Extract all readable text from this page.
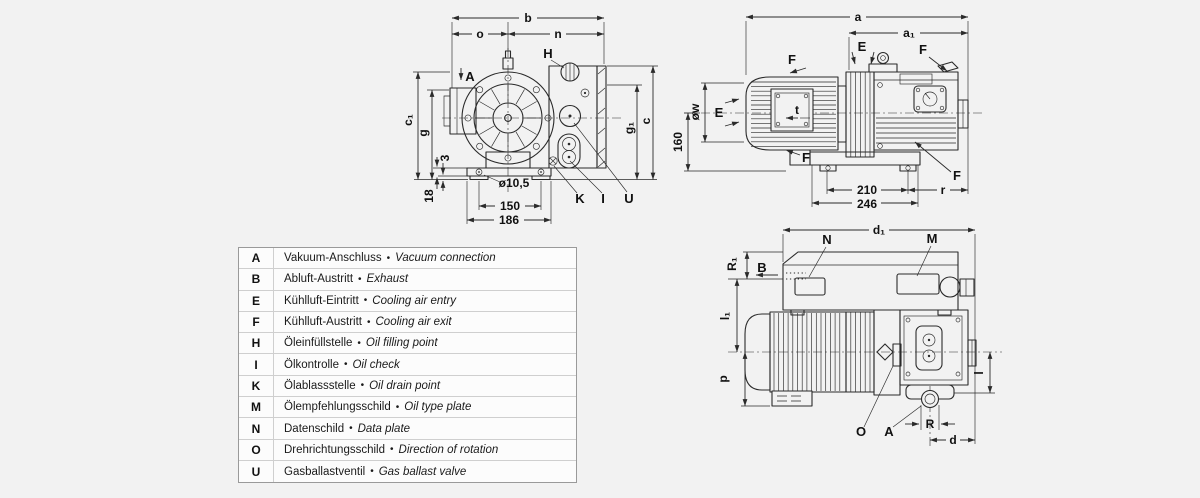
b
o	n
c₁
g
c
g₁
3
18
ø10,5
150
186
H
A
K I U
a
a₁
øw
160
t
210
246
r
E
E
F
F
F
F
d₁
R₁
l₁
p
l
R
d
N	M
B
O A
A	Vakuum-Anschluss • Vacuum connection
B	Abluft-Austritt • Exhaust
E	Kühlluft-Eintritt • Cooling air entry
F	Kühlluft-Austritt • Cooling air exit
H	Öleinfüllstelle • Oil filling point
I	Ölkontrolle • Oil check
K	Ölablassstelle • Oil drain point
M	Ölempfehlungsschild • Oil type plate
N	Datenschild • Data plate
O	Drehrichtungsschild • Direction of rotation
U	Gasballastventil • Gas ballast valve
